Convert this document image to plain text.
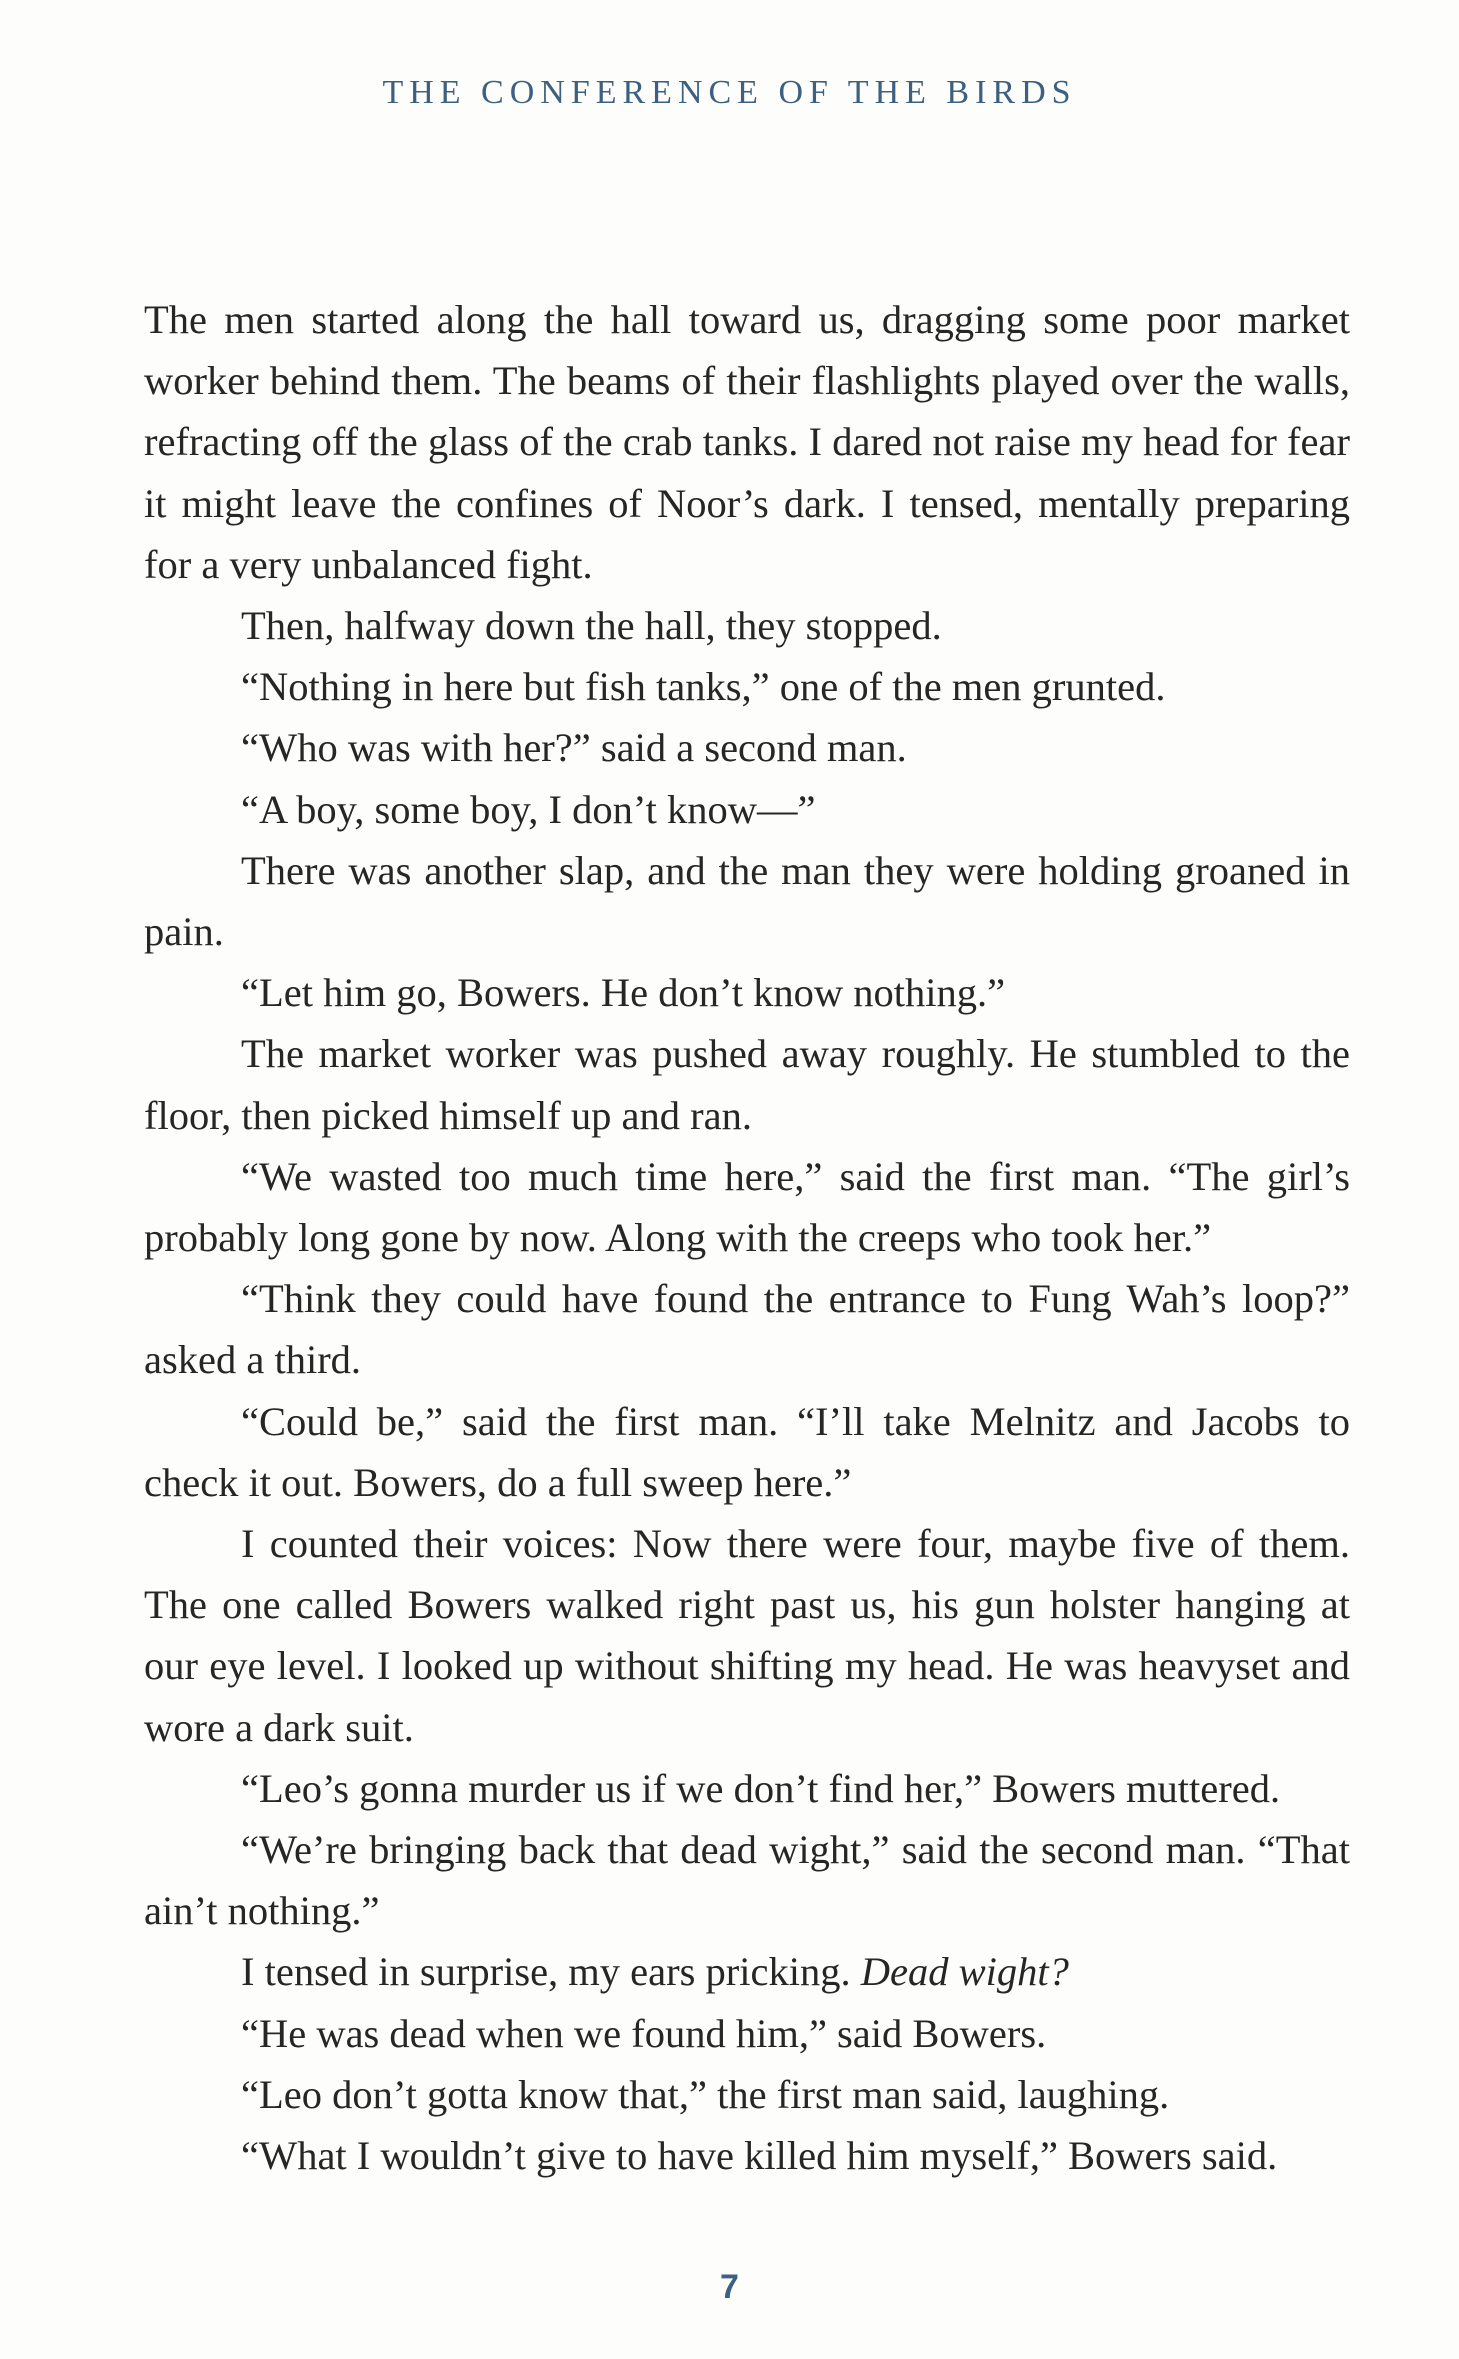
THE CONFERENCE OF THE BIRDS

The men started along the hall toward us, dragging some poor market worker behind them. The beams of their flashlights played over the walls, refracting off the glass of the crab tanks. I dared not raise my head for fear it might leave the confines of Noor’s dark. I tensed, mentally preparing for a very unbalanced fight.

Then, halfway down the hall, they stopped.

“Nothing in here but fish tanks,” one of the men grunted.

“Who was with her?” said a second man.

“A boy, some boy, I don’t know—”

There was another slap, and the man they were holding groaned in pain.

“Let him go, Bowers. He don’t know nothing.”

The market worker was pushed away roughly. He stumbled to the floor, then picked himself up and ran.

“We wasted too much time here,” said the first man. “The girl’s probably long gone by now. Along with the creeps who took her.”

“Think they could have found the entrance to Fung Wah’s loop?” asked a third.

“Could be,” said the first man. “I’ll take Melnitz and Jacobs to check it out. Bowers, do a full sweep here.”

I counted their voices: Now there were four, maybe five of them. The one called Bowers walked right past us, his gun holster hanging at our eye level. I looked up without shifting my head. He was heavyset and wore a dark suit.

“Leo’s gonna murder us if we don’t find her,” Bowers muttered.

“We’re bringing back that dead wight,” said the second man. “That ain’t nothing.”

I tensed in surprise, my ears pricking. Dead wight?

“He was dead when we found him,” said Bowers.

“Leo don’t gotta know that,” the first man said, laughing.

“What I wouldn’t give to have killed him myself,” Bowers said.

7
